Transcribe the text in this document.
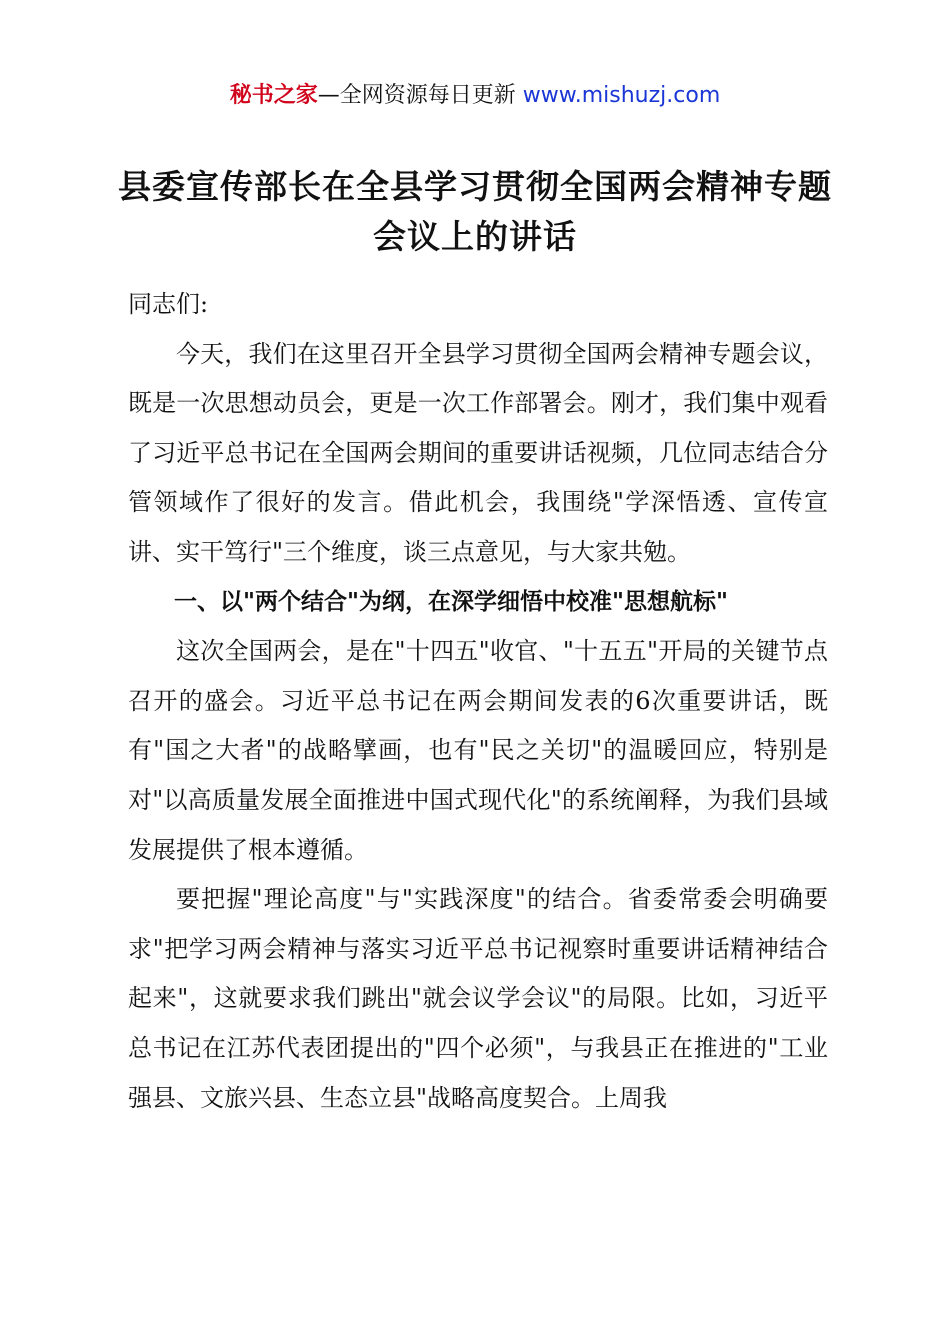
秘书之家—全网资源每日更新 www.mishuzj.com
县委宣传部长在全县学习贯彻全国两会精神专题会议上的讲话

同志们:

今天，我们在这里召开全县学习贯彻全国两会精神专题会议，既是一次思想动员会，更是一次工作部署会。刚才，我们集中观看了习近平总书记在全国两会期间的重要讲话视频，几位同志结合分管领域作了很好的发言。借此机会，我围绕"学深悟透、宣传宣讲、实干笃行"三个维度，谈三点意见，与大家共勉。

一、以"两个结合"为纲，在深学细悟中校准"思想航标"

这次全国两会，是在"十四五"收官、"十五五"开局的关键节点召开的盛会。习近平总书记在两会期间发表的6次重要讲话，既有"国之大者"的战略擘画，也有"民之关切"的温暖回应，特别是对"以高质量发展全面推进中国式现代化"的系统阐释，为我们县域发展提供了根本遵循。

要把握"理论高度"与"实践深度"的结合。省委常委会明确要求"把学习两会精神与落实习近平总书记视察时重要讲话精神结合起来"，这就要求我们跳出"就会议学会议"的局限。比如，习近平总书记在江苏代表团提出的"四个必须"，与我县正在推进的"工业强县、文旅兴县、生态立县"战略高度契合。上周我
